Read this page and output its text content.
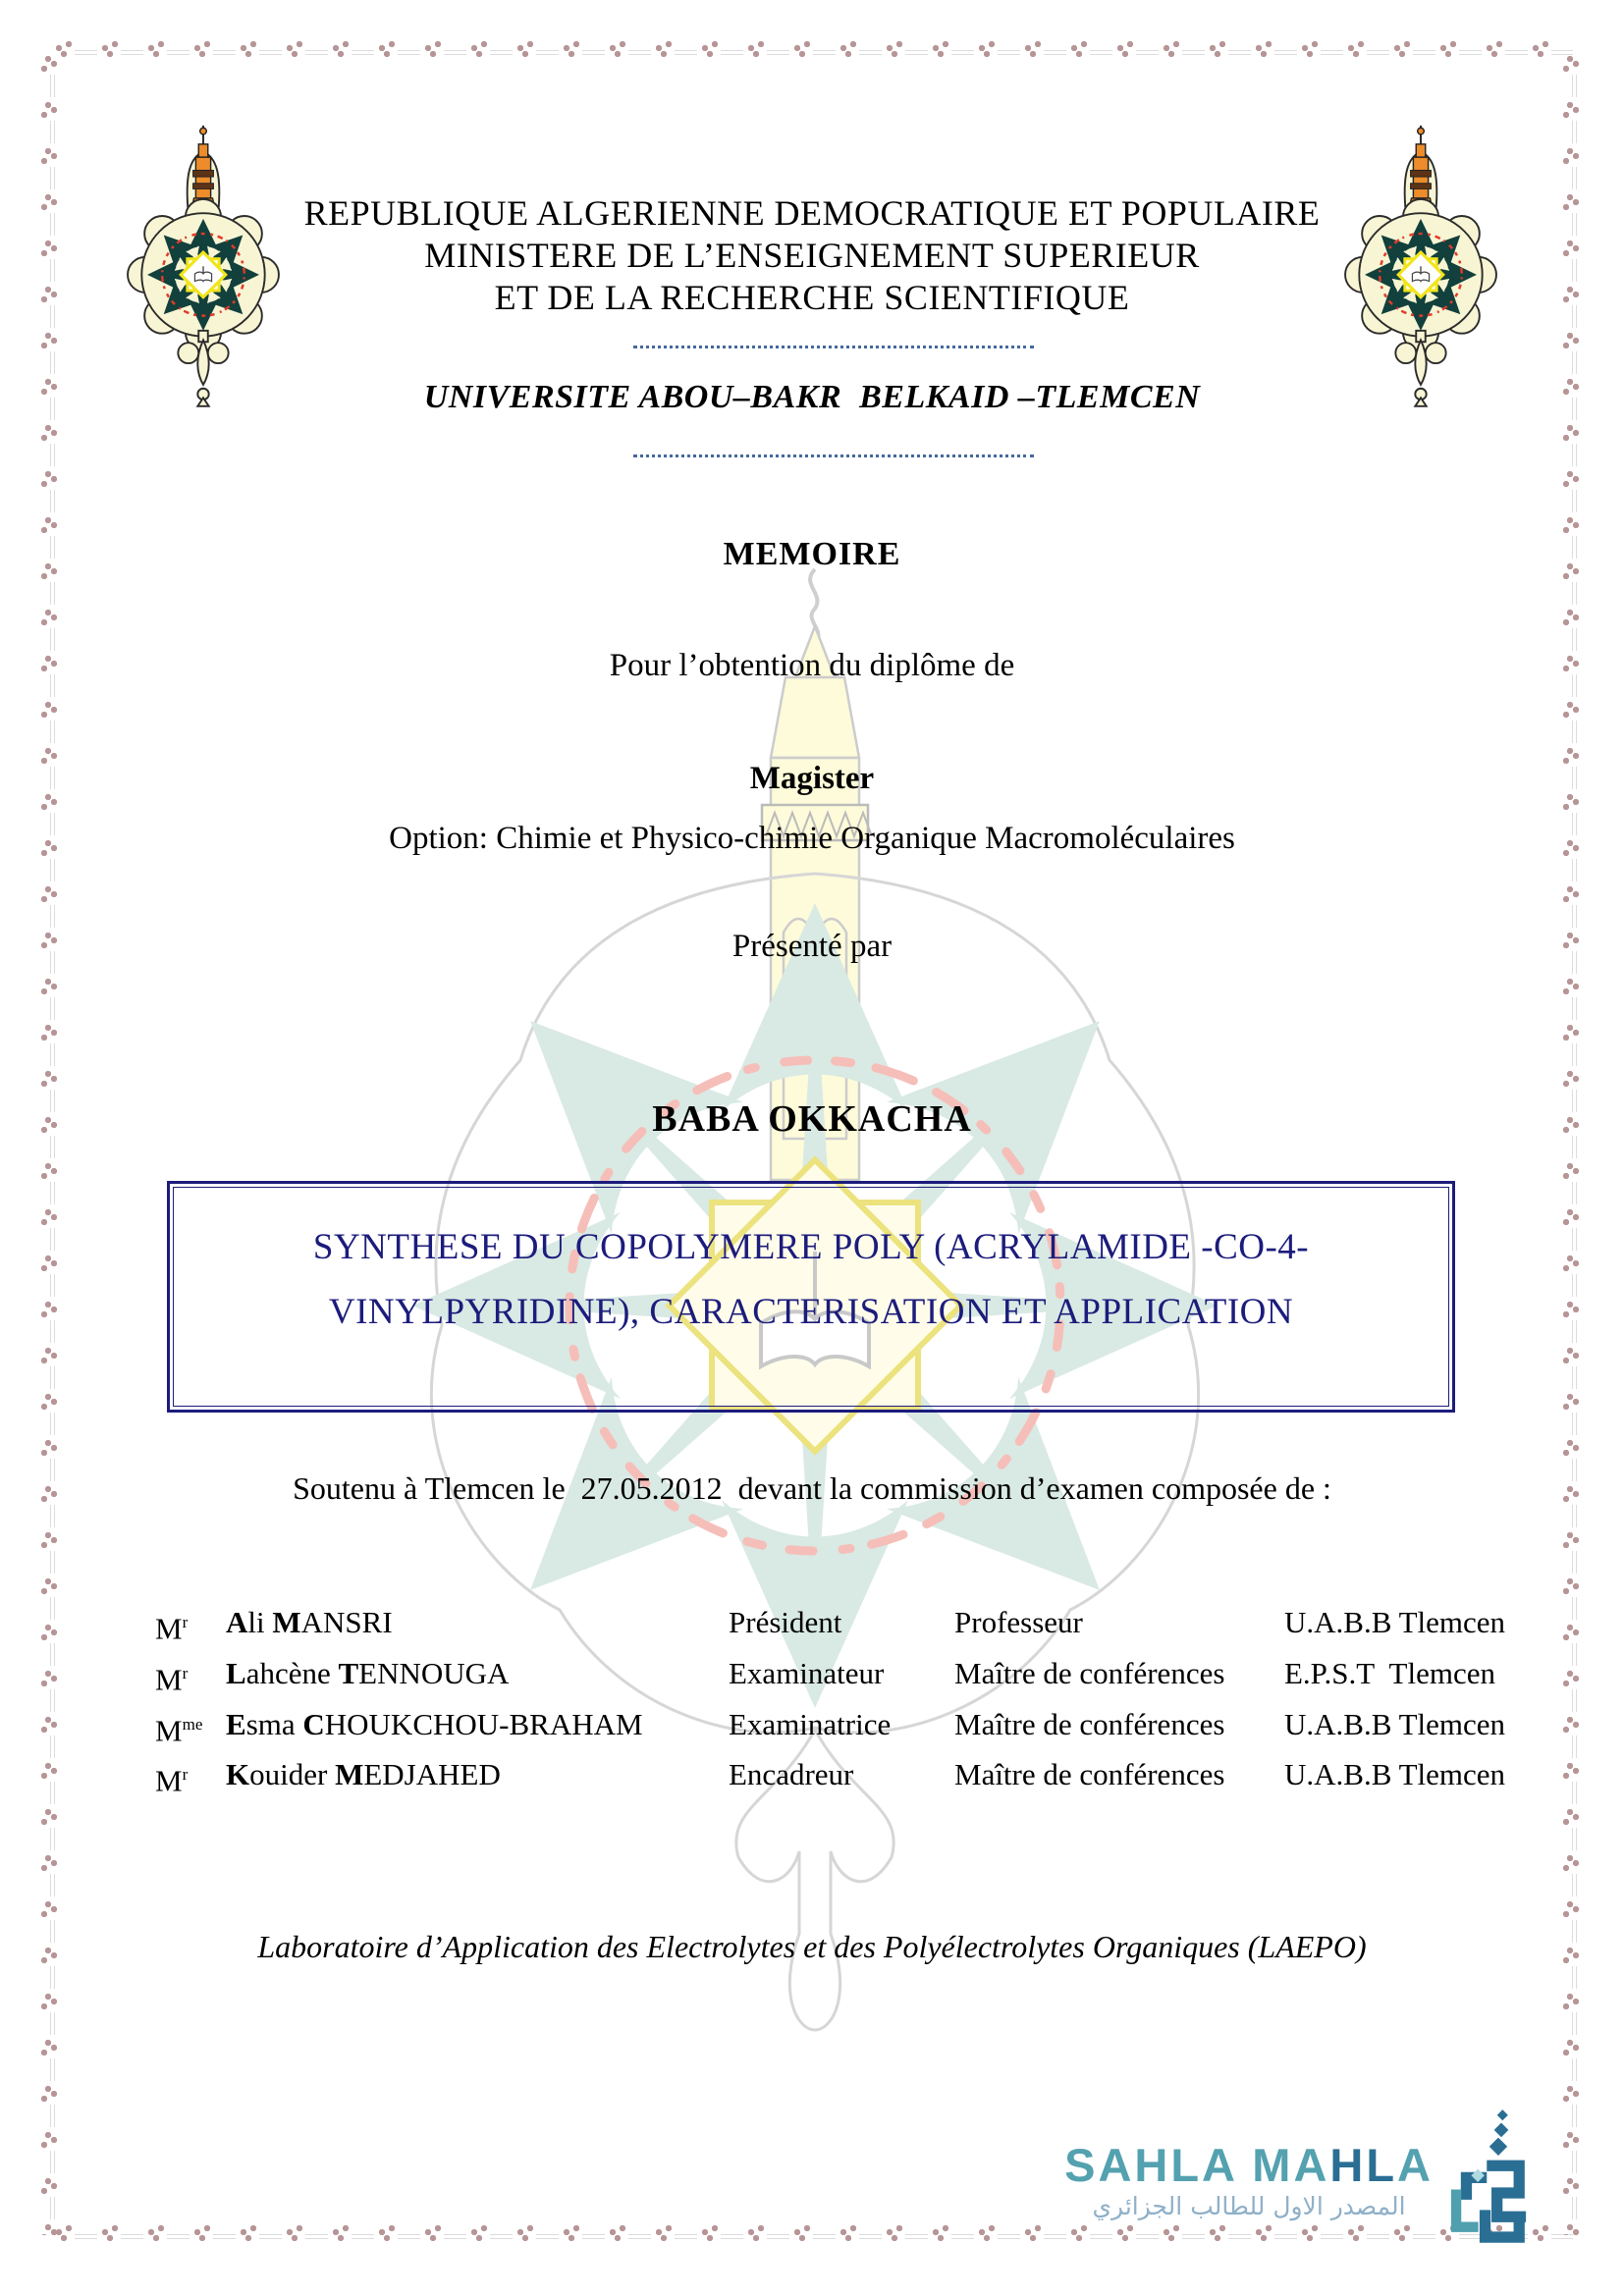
REPUBLIQUE ALGERIENNE DEMOCRATIQUE ET POPULAIRE
MINISTERE DE L’ENSEIGNEMENT SUPERIEUR
ET DE LA RECHERCHE SCIENTIFIQUE
UNIVERSITE ABOU–BAKR  BELKAID –TLEMCEN
MEMOIRE
Pour l’obtention du diplôme de
Magister
Option: Chimie et Physico-chimie Organique Macromoléculaires
Présenté par
BABA OKKACHA
SYNTHESE DU COPOLYMERE POLY (ACRYLAMIDE -CO-4-
VINYLPYRIDINE), CARACTERISATION ET APPLICATION
Soutenu à Tlemcen le  27.05.2012  devant la commission d’examen composée de :
$M^r$	Ali MANSRI	Président	Professeur	U.A.B.B Tlemcen
$M^r$	Lahcène TENNOUGA	Examinateur	Maître de conférences	E.P.S.T  Tlemcen
$M^{me}$ Esma CHOUKCHOU-BRAHAM	Examinatrice	Maître de conférences	U.A.B.B Tlemcen
$M^r$	Kouider MEDJAHED	Encadreur	Maître de conférences	U.A.B.B Tlemcen
Laboratoire d’Application des Electrolytes et des Polyélectrolytes Organiques (LAEPO)
SAHLA MAHLA
المصدر الاول للطالب الجزائري
